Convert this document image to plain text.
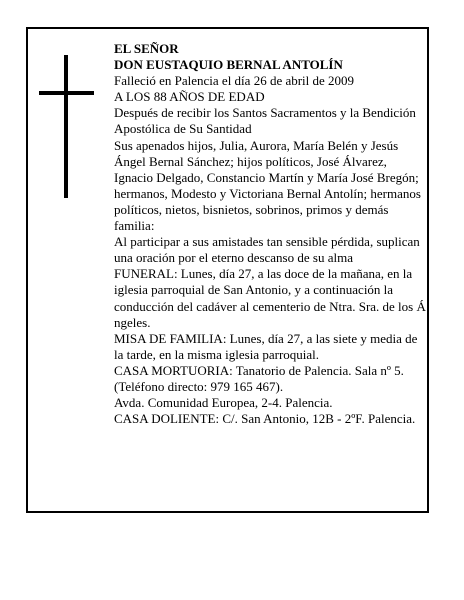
EL SEÑOR
DON EUSTAQUIO BERNAL ANTOLÍN
Falleció en Palencia el día 26 de abril de 2009
A LOS 88 AÑOS DE EDAD
Después de recibir los Santos Sacramentos y la Bendición Apostólica de Su Santidad
Sus apenados hijos, Julia, Aurora, María Belén y Jesús Ángel Bernal Sánchez; hijos políticos, José Álvarez, Ignacio Delgado, Constancio Martín y María José Bregón; hermanos, Modesto y Victoriana Bernal Antolín; hermanos políticos, nietos, bisnietos, sobrinos, primos y demás familia:
Al participar a sus amistades tan sensible pérdida, suplican una oración por el eterno descanso de su alma
FUNERAL: Lunes, día 27, a las doce de la mañana, en la iglesia parroquial de San Antonio, y a continuación la conducción del cadáver al cementerio de Ntra. Sra. de los Á ngeles.
MISA DE FAMILIA: Lunes, día 27, a las siete y media de la tarde, en la misma iglesia parroquial.
CASA MORTUORIA: Tanatorio de Palencia. Sala nº 5. (Teléfono directo: 979 165 467).
Avda. Comunidad Europea, 2-4. Palencia.
CASA DOLIENTE: C/. San Antonio, 12B - 2ºF. Palencia.
